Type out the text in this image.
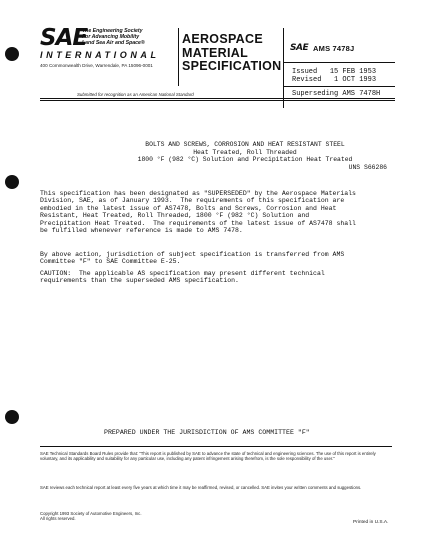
SAE
The Engineering Society
For Advancing Mobility
Land Sea Air and Space®
INTERNATIONAL
400 Commonwealth Drive, Warrendale, PA 15096-0001
AEROSPACE
MATERIAL
SPECIFICATION
SAE AMS 7478J
Issued 15 FEB 1953
Revised 1 OCT 1993
Superseding AMS 7478H
Submitted for recognition as an American National Standard
BOLTS AND SCREWS, CORROSION AND HEAT RESISTANT STEEL
Heat Treated, Roll Threaded
1800 °F (982 °C) Solution and Precipitation Heat Treated
UNS S66286
This specification has been designated as "SUPERSEDED" by the Aerospace Materials
Division, SAE, as of January 1993.  The requirements of this specification are
embodied in the latest issue of AS7478, Bolts and Screws, Corrosion and Heat
Resistant, Heat Treated, Roll Threaded, 1800 °F (982 °C) Solution and
Precipitation Heat Treated.  The requirements of the latest issue of AS7478 shall
be fulfilled whenever reference is made to AMS 7478.
By above action, jurisdiction of subject specification is transferred from AMS
Committee "F" to SAE Committee E-25.
CAUTION:  The applicable AS specification may present different technical
requirements than the superseded AMS specification.
PREPARED UNDER THE JURISDICTION OF AMS COMMITTEE "F"
SAE Technical Standards Board Rules provide that: "This report is published by SAE to advance the state of technical and engineering sciences. The use of this report is entirely voluntary, and its applicability and suitability for any particular use, including any patent infringement arising therefrom, is the sole responsibility of the user."
SAE reviews each technical report at least every five years at which time it may be reaffirmed, revised, or cancelled. SAE invites your written comments and suggestions.
Copyright 1993 Society of Automotive Engineers, Inc.
All rights reserved.
Printed in U.S.A.
